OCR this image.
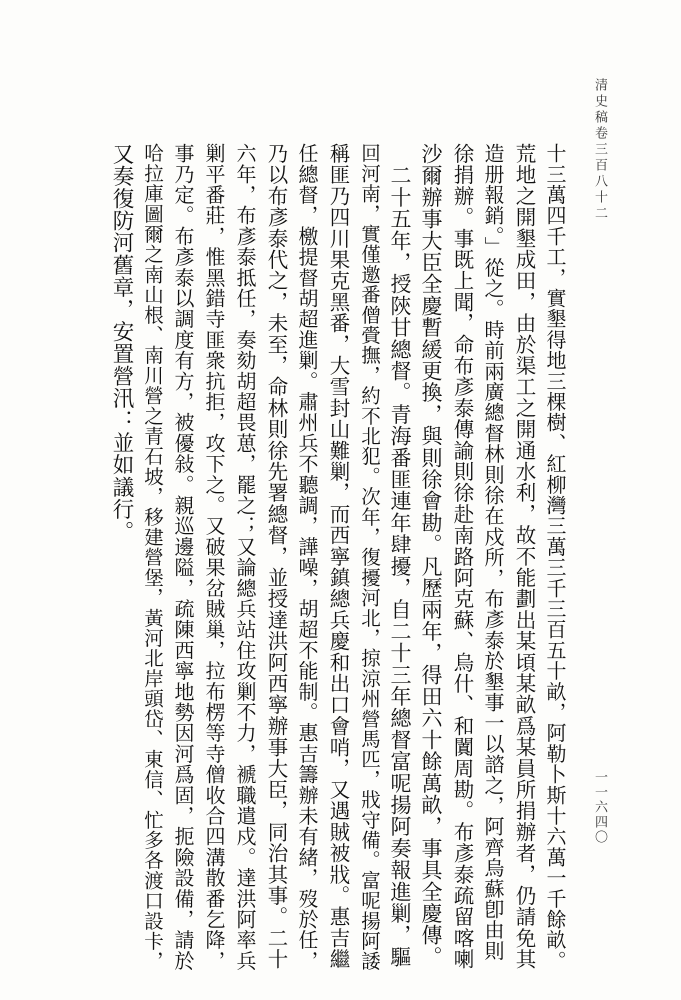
清史稿卷三百八十二
一一六四〇
十三萬四千工，實墾得地三棵樹、紅柳灣三萬三千三百五十畝，阿勒卜斯十六萬一千餘畝。
荒地之開墾成田，由於渠工之開通水利，故不能劃出某頃某畝爲某員所捐辦者，仍請免其
造册報銷。」從之。時前兩廣總督林則徐在戍所，布彥泰於墾事一以諮之，阿齊烏蘇卽由則
徐捐辦。事既上聞，命布彥泰傳諭則徐赴南路阿克蘇、烏什、和闐周勘。布彥泰疏留喀喇
沙爾辦事大臣全慶暫緩更換，與則徐會勘。凡歷兩年，得田六十餘萬畝，事具全慶傳。
　二十五年，授陝甘總督。青海番匪連年肆擾，自二十三年總督富呢揚阿奏報進剿，驅
回河南，實僅邀番僧賫撫，約不北犯。次年，復擾河北，掠涼州營馬匹，戕守備。富呢揚阿諉
稱匪乃四川果克黑番，大雪封山難剿，而西寧鎮總兵慶和出口會哨，又遇賊被戕。惠吉繼
任總督，檄提督胡超進剿。肅州兵不聽調，譁噪，胡超不能制。惠吉籌辦未有緒，歿於任，
乃以布彥泰代之，未至，命林則徐先署總督，並授達洪阿西寧辦事大臣，同治其事。二十
六年，布彥泰抵任，奏劾胡超畏葸，罷之；又論總兵站住攻剿不力，褫職遣戍。達洪阿率兵
剿平番莊，惟黑錯寺匪衆抗拒，攻下之。又破果岔賊巢，拉布楞等寺僧收合四溝散番乞降，
事乃定。布彥泰以調度有方，被優敍。親巡邊隘，疏陳西寧地勢因河爲固，扼險設備，請於
哈拉庫圖爾之南山根、南川營之青石坡，移建營堡，黃河北岸頭岱、東信、忙多各渡口設卡，
又奏復防河舊章，安置營汛：並如議行。
